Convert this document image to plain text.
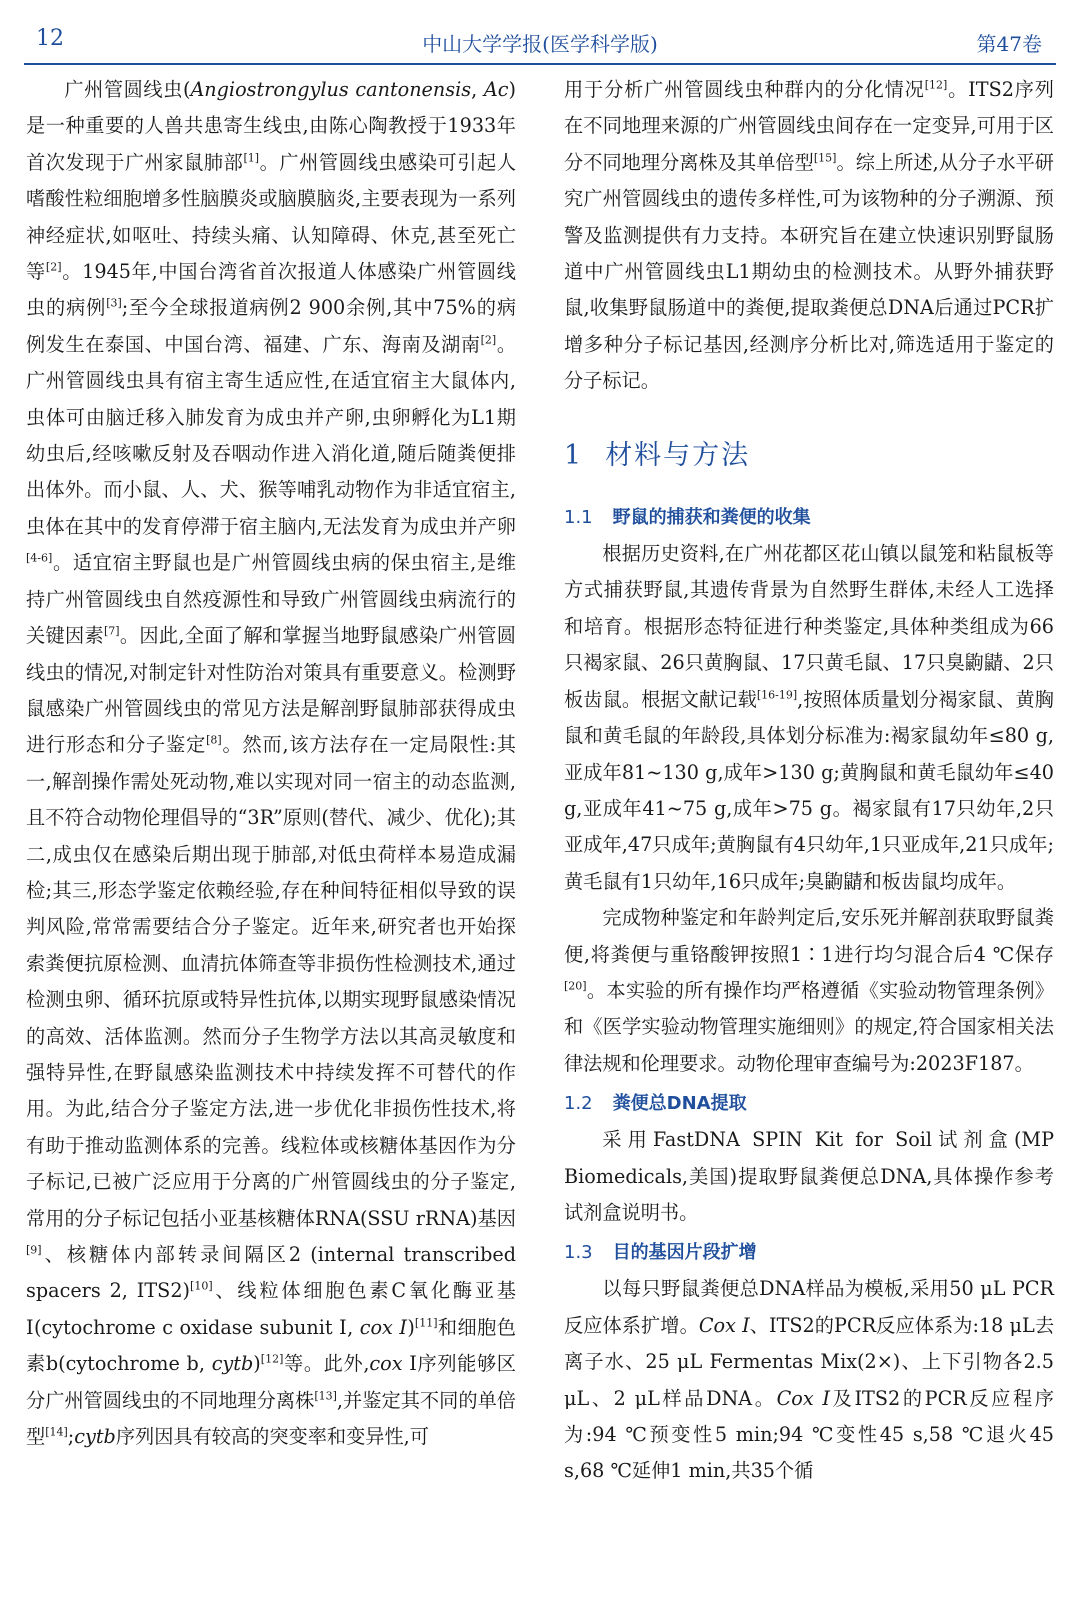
12	中山大学学报(医学科学版)	第47卷

广州管圆线虫(Angiostrongylus cantonensis, Ac)是一种重要的人兽共患寄生线虫,由陈心陶教授于1933年首次发现于广州家鼠肺部[1]。广州管圆线虫感染可引起人嗜酸性粒细胞增多性脑膜炎或脑膜脑炎,主要表现为一系列神经症状,如呕吐、持续头痛、认知障碍、休克,甚至死亡等[2]。1945年,中国台湾省首次报道人体感染广州管圆线虫的病例[3];至今全球报道病例2 900余例,其中75%的病例发生在泰国、中国台湾、福建、广东、海南及湖南[2]。广州管圆线虫具有宿主寄生适应性,在适宜宿主大鼠体内,虫体可由脑迁移入肺发育为成虫并产卵,虫卵孵化为L1期幼虫后,经咳嗽反射及吞咽动作进入消化道,随后随粪便排出体外。而小鼠、人、犬、猴等哺乳动物作为非适宜宿主,虫体在其中的发育停滞于宿主脑内,无法发育为成虫并产卵[4-6]。适宜宿主野鼠也是广州管圆线虫病的保虫宿主,是维持广州管圆线虫自然疫源性和导致广州管圆线虫病流行的关键因素[7]。因此,全面了解和掌握当地野鼠感染广州管圆线虫的情况,对制定针对性防治对策具有重要意义。检测野鼠感染广州管圆线虫的常见方法是解剖野鼠肺部获得成虫进行形态和分子鉴定[8]。然而,该方法存在一定局限性:其一,解剖操作需处死动物,难以实现对同一宿主的动态监测,且不符合动物伦理倡导的“3R”原则(替代、减少、优化);其二,成虫仅在感染后期出现于肺部,对低虫荷样本易造成漏检;其三,形态学鉴定依赖经验,存在种间特征相似导致的误判风险,常常需要结合分子鉴定。近年来,研究者也开始探索粪便抗原检测、血清抗体筛查等非损伤性检测技术,通过检测虫卵、循环抗原或特异性抗体,以期实现野鼠感染情况的高效、活体监测。然而分子生物学方法以其高灵敏度和强特异性,在野鼠感染监测技术中持续发挥不可替代的作用。为此,结合分子鉴定方法,进一步优化非损伤性技术,将有助于推动监测体系的完善。线粒体或核糖体基因作为分子标记,已被广泛应用于分离的广州管圆线虫的分子鉴定,常用的分子标记包括小亚基核糖体RNA(SSU rRNA)基因[9]、核糖体内部转录间隔区2 (internal transcribed spacers 2, ITS2)[10]、线粒体细胞色素C氧化酶亚基Ⅰ(cytochrome c oxidase subunit Ⅰ, cox Ⅰ)[11]和细胞色素b(cytochrome b, cytb)[12]等。此外,cox Ⅰ序列能够区分广州管圆线虫的不同地理分离株[13],并鉴定其不同的单倍型[14];cytb序列因具有较高的突变率和变异性,可

用于分析广州管圆线虫种群内的分化情况[12]。ITS2序列在不同地理来源的广州管圆线虫间存在一定变异,可用于区分不同地理分离株及其单倍型[15]。综上所述,从分子水平研究广州管圆线虫的遗传多样性,可为该物种的分子溯源、预警及监测提供有力支持。本研究旨在建立快速识别野鼠肠道中广州管圆线虫L1期幼虫的检测技术。从野外捕获野鼠,收集野鼠肠道中的粪便,提取粪便总DNA后通过PCR扩增多种分子标记基因,经测序分析比对,筛选适用于鉴定的分子标记。

1 材料与方法
1.1 野鼠的捕获和粪便的收集

根据历史资料,在广州花都区花山镇以鼠笼和粘鼠板等方式捕获野鼠,其遗传背景为自然野生群体,未经人工选择和培育。根据形态特征进行种类鉴定,具体种类组成为66只褐家鼠、26只黄胸鼠、17只黄毛鼠、17只臭鼩鼱、2只板齿鼠。根据文献记载[16-19],按照体质量划分褐家鼠、黄胸鼠和黄毛鼠的年龄段,具体划分标准为:褐家鼠幼年≤80 g,亚成年81~130 g,成年>130 g;黄胸鼠和黄毛鼠幼年≤40 g,亚成年41~75 g,成年>75 g。褐家鼠有17只幼年,2只亚成年,47只成年;黄胸鼠有4只幼年,1只亚成年,21只成年;黄毛鼠有1只幼年,16只成年;臭鼩鼱和板齿鼠均成年。

完成物种鉴定和年龄判定后,安乐死并解剖获取野鼠粪便,将粪便与重铬酸钾按照1∶1进行均匀混合后4 ℃保存[20]。本实验的所有操作均严格遵循《实验动物管理条例》和《医学实验动物管理实施细则》的规定,符合国家相关法律法规和伦理要求。动物伦理审查编号为:2023F187。

1.2 粪便总DNA提取

采用FastDNA SPIN Kit for Soil试剂盒(MP Biomedicals,美国)提取野鼠粪便总DNA,具体操作参考试剂盒说明书。

1.3 目的基因片段扩增

以每只野鼠粪便总DNA样品为模板,采用50 μL PCR反应体系扩增。Cox Ⅰ、ITS2的PCR反应体系为:18 μL去离子水、25 μL Fermentas Mix(2×)、上下引物各2.5 μL、2 μL样品DNA。Cox Ⅰ及ITS2的PCR反应程序为:94 ℃预变性5 min;94 ℃变性45 s,58 ℃退火45 s,68 ℃延伸1 min,共35个循
